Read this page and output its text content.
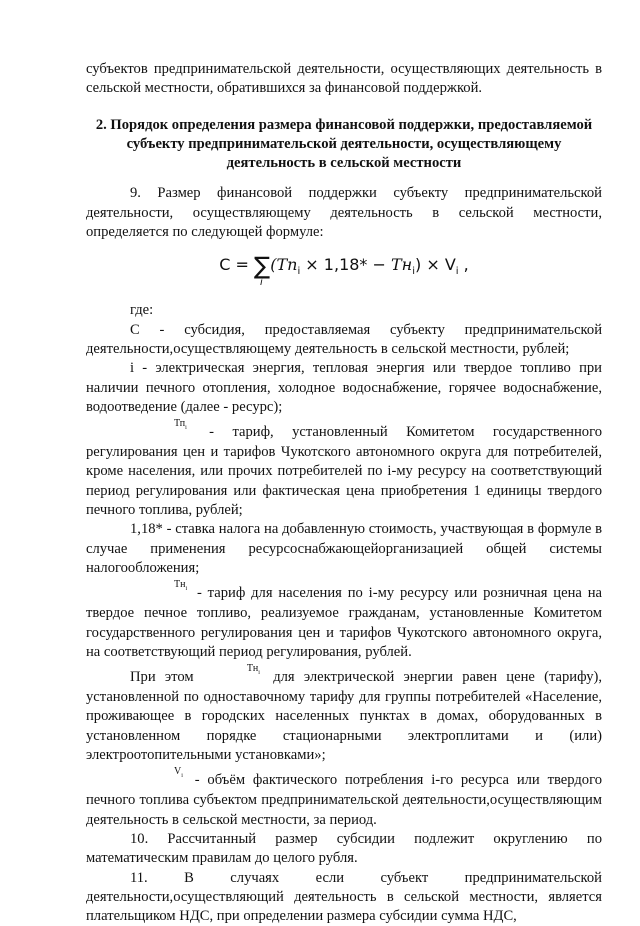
субъектов предпринимательской деятельности, осуществляющих деятельность в сельской местности, обратившихся за финансовой поддержкой.

2. Порядок определения размера финансовой поддержки, предоставляемой субъекту предпринимательской деятельности, осуществляющему деятельность в сельской местности

9. Размер финансовой поддержки субъекту предпринимательской деятельности, осуществляющему деятельность в сельской местности, определяется по следующей формуле:

C = ∑
i
$(Tn_i \times 1,18* - Tн_i) \times V_i$ ,

где:

С - субсидия, предоставляемая субъекту предпринимательской деятельности,осуществляющему деятельность в сельской местности, рублей;

i - электрическая энергия, тепловая энергия или твердое топливо при наличии печного отопления, холодное водоснабжение, горячее водоснабжение, водоотведение (далее - ресурс);

$Тп_i$ - тариф, установленный Комитетом государственного регулирования цен и тарифов Чукотского автономного округа для потребителей, кроме населения, или прочих потребителей по i-му ресурсу на соответствующий период регулирования или фактическая цена приобретения 1 единицы твердого печного топлива, рублей;

1,18* - ставка налога на добавленную стоимость, участвующая в формуле в случае применения ресурсоснабжающейорганизацией общей системы налогообложения;

$Тн_i$ - тариф для населения по i-му ресурсу или розничная цена на твердое печное топливо, реализуемое гражданам, установленные Комитетом государственного регулирования цен и тарифов Чукотского автономного округа, на соответствующий период регулирования, рублей.

При этом $Тн_i$ для электрической энергии равен цене (тарифу), установленной по одноставочному тарифу для группы потребителей «Население, проживающее в городских населенных пунктах в домах, оборудованных в установленном порядке стационарными электроплитами и (или) электроотопительными установками»;

$V_i$ - объём фактического потребления i-го ресурса или твердого печного топлива субъектом предпринимательской деятельности,осуществляющим деятельность в сельской местности, за период.

10. Рассчитанный размер субсидии подлежит округлению по математическим правилам до целого рубля.

11. В случаях если субъект предпринимательской деятельности,осуществляющий деятельность в сельской местности, является плательщиком НДС, при определении размера субсидии сумма НДС,
